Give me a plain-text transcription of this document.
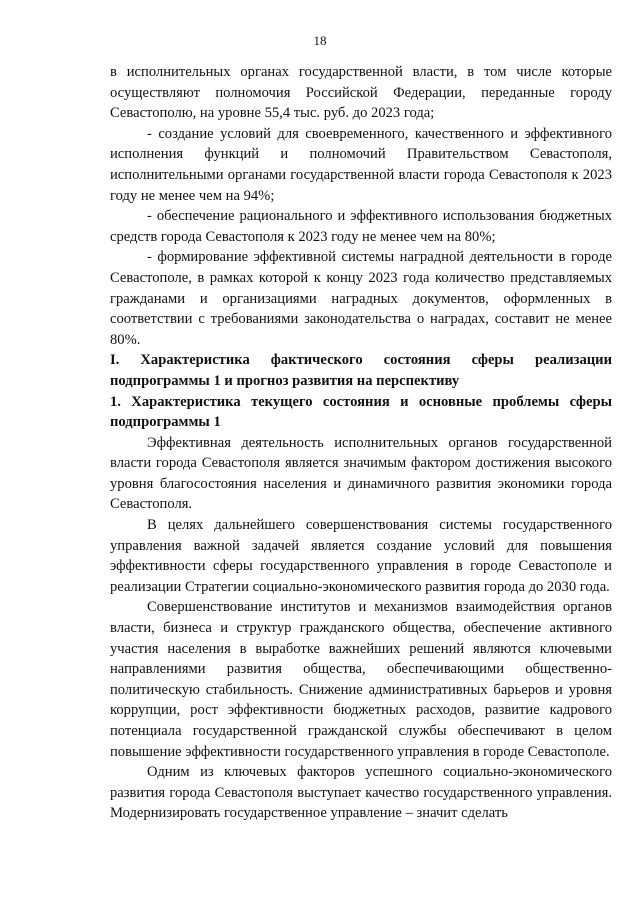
18

в исполнительных органах государственной власти, в том числе которые осуществляют полномочия Российской Федерации, переданные городу Севастополю, на уровне 55,4 тыс. руб. до 2023 года;

- создание условий для своевременного, качественного и эффективного исполнения функций и полномочий Правительством Севастополя, исполнительными органами государственной власти города Севастополя к 2023 году не менее чем на 94%;

- обеспечение рационального и эффективного использования бюджетных средств города Севастополя к 2023 году не менее чем на 80%;

- формирование эффективной системы наградной деятельности в городе Севастополе, в рамках которой к концу 2023 года количество представляемых гражданами и организациями наградных документов, оформленных в соответствии с требованиями законодательства о наградах, составит не менее 80%.

I. Характеристика фактического состояния сферы реализации подпрограммы 1 и прогноз развития на перспективу

1. Характеристика текущего состояния и основные проблемы сферы подпрограммы 1

Эффективная деятельность исполнительных органов государственной власти города Севастополя является значимым фактором достижения высокого уровня благосостояния населения и динамичного развития экономики города Севастополя.

В целях дальнейшего совершенствования системы государственного управления важной задачей является создание условий для повышения эффективности сферы государственного управления в городе Севастополе и реализации Стратегии социально-экономического развития города до 2030 года.

Совершенствование институтов и механизмов взаимодействия органов власти, бизнеса и структур гражданского общества, обеспечение активного участия населения в выработке важнейших решений являются ключевыми направлениями развития общества, обеспечивающими общественно-политическую стабильность. Снижение административных барьеров и уровня коррупции, рост эффективности бюджетных расходов, развитие кадрового потенциала государственной гражданской службы обеспечивают в целом повышение эффективности государственного управления в городе Севастополе.

Одним из ключевых факторов успешного социально-экономического развития города Севастополя выступает качество государственного управления. Модернизировать государственное управление – значит сделать
